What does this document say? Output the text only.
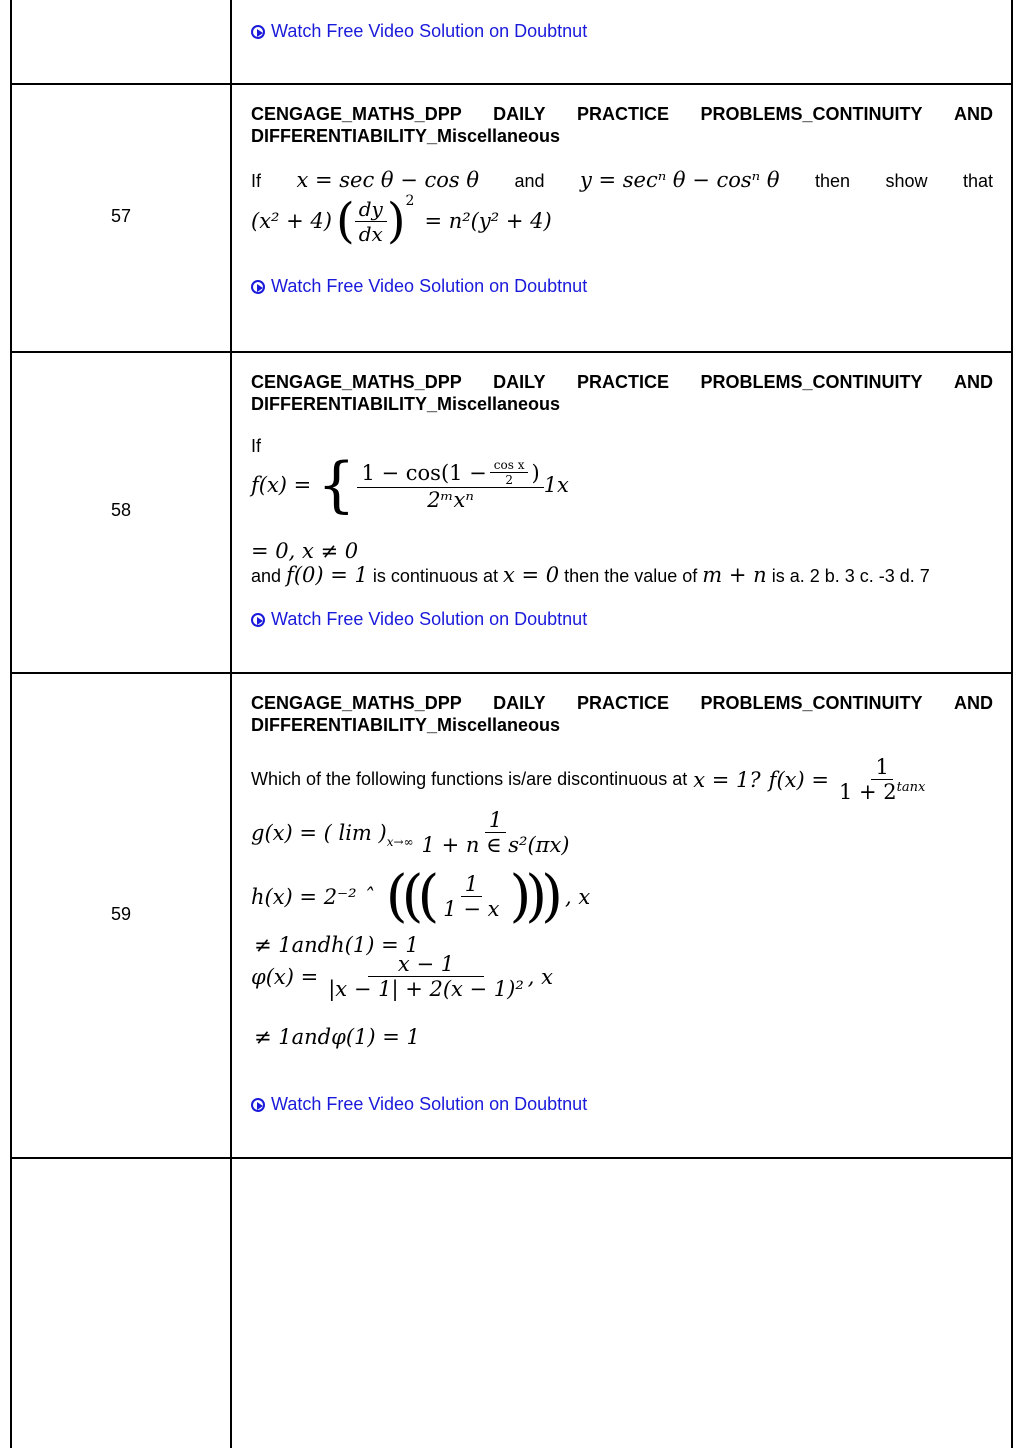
Watch Free Video Solution on Doubtnut
57
CENGAGE_MATHS_DPP DAILY PRACTICE PROBLEMS_CONTINUITY AND
DIFFERENTIABILITY_Miscellaneous
If x = sec θ − cos θ and y = secⁿ θ − cosⁿ θ then show that
(x² + 4) ( $\frac{dy}{dx} )^2$
= n²(y² + 4)
Watch Free Video Solution on Doubtnut
58
CENGAGE_MATHS_DPP DAILY PRACTICE PROBLEMS_CONTINUITY AND
DIFFERENTIABILITY_Miscellaneous
If
f(x) = { $\frac{1 - \cos(1 - \frac{\text{cos x}}{2} )}{\text{2ᵐxⁿ}} 1x$
= 0, x ≠ 0
and f(0) = 1 is continuous at x = 0 then the value of m + n is a. 2 b. 3 c. -3 d. 7
Watch Free Video Solution on Doubtnut
59
CENGAGE_MATHS_DPP DAILY PRACTICE PROBLEMS_CONTINUITY AND
DIFFERENTIABILITY_Miscellaneous
Which of the following functions is/are discontinuous at x = 1? $f(x) = \frac{1}{1 + 2^{tanx}}$
g(x) = ( $\lim )_{x\to\infty} \frac{1}{\text{1 + n ∈ s²(πx)}}$
h(x) = 2⁻² ˆ ((( $\frac{1}{1 - x}$ ))) , x
≠ 1andh(1) = 1
$\varphi(x) = \frac{x - 1}{\text{|x − 1| + 2(x − 1)²}}$ , x
≠ 1andφ(1) = 1
Watch Free Video Solution on Doubtnut
